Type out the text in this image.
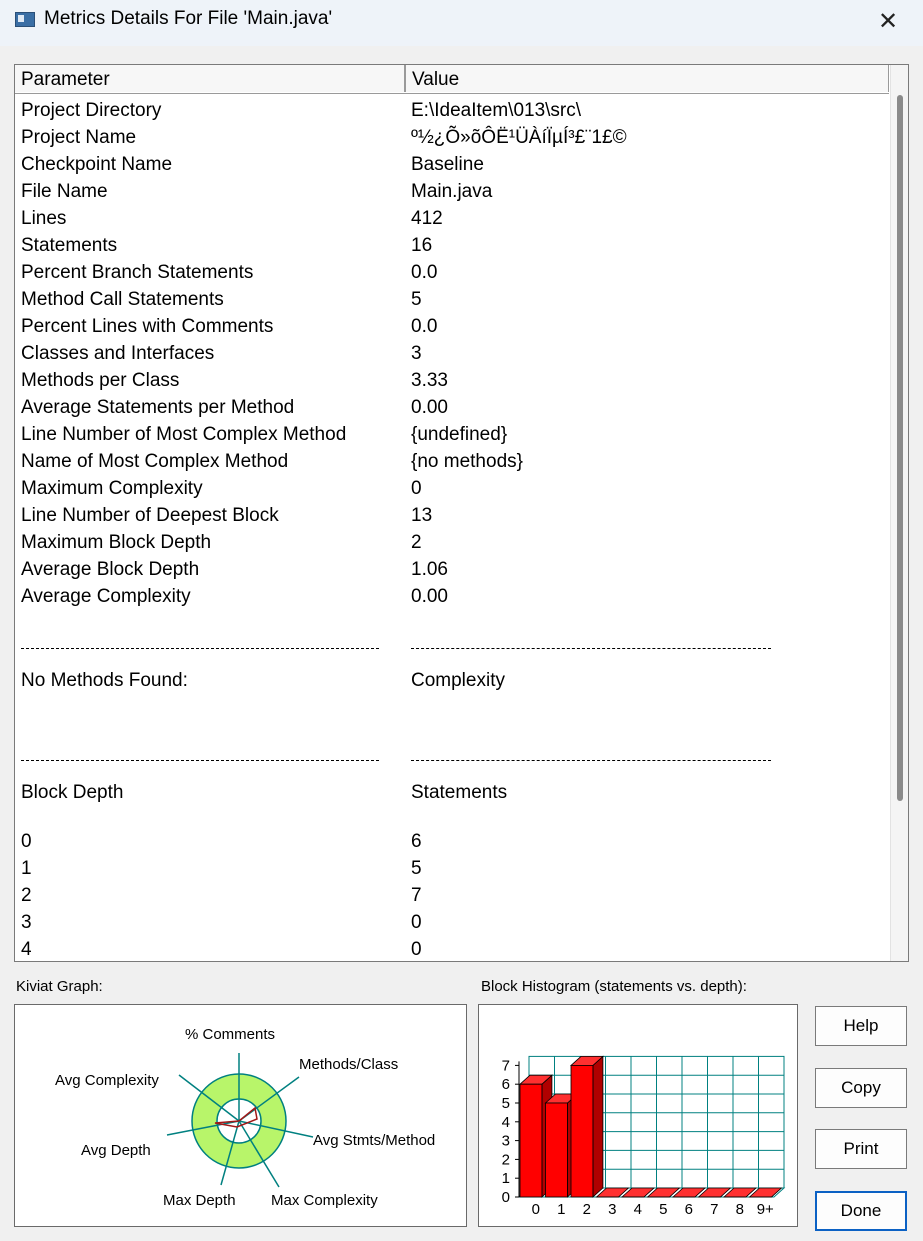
Metrics Details For File 'Main.java'	✕
Parameter	Value
Project Directory	E:\IdeaItem\013\src\
Project Name	º½¿Õ»õÔË¹ÜÀíÏµÍ³£¨1£©
Checkpoint Name	Baseline
File Name	Main.java
Lines	412
Statements	16
Percent Branch Statements	0.0
Method Call Statements	5
Percent Lines with Comments	0.0
Classes and Interfaces	3
Methods per Class	3.33
Average Statements per Method	0.00
Line Number of Most Complex Method	{undefined}
Name of Most Complex Method	{no methods}
Maximum Complexity	0
Line Number of Deepest Block	13
Maximum Block Depth	2
Average Block Depth	1.06
Average Complexity	0.00
No Methods Found:	Complexity
Block Depth	Statements
0	6
1	5
2	7
3	0
4	0
Kiviat Graph:	Block Histogram (statements vs. depth):
% Comments
Methods/Class
Avg Stmts/Method
Max Complexity
Max Depth
Avg Depth
Avg Complexity
0
1
2
3
4
5
6
7
0 1 2 3 4 5 6 7 8 9+
Help
Copy
Print
Done
